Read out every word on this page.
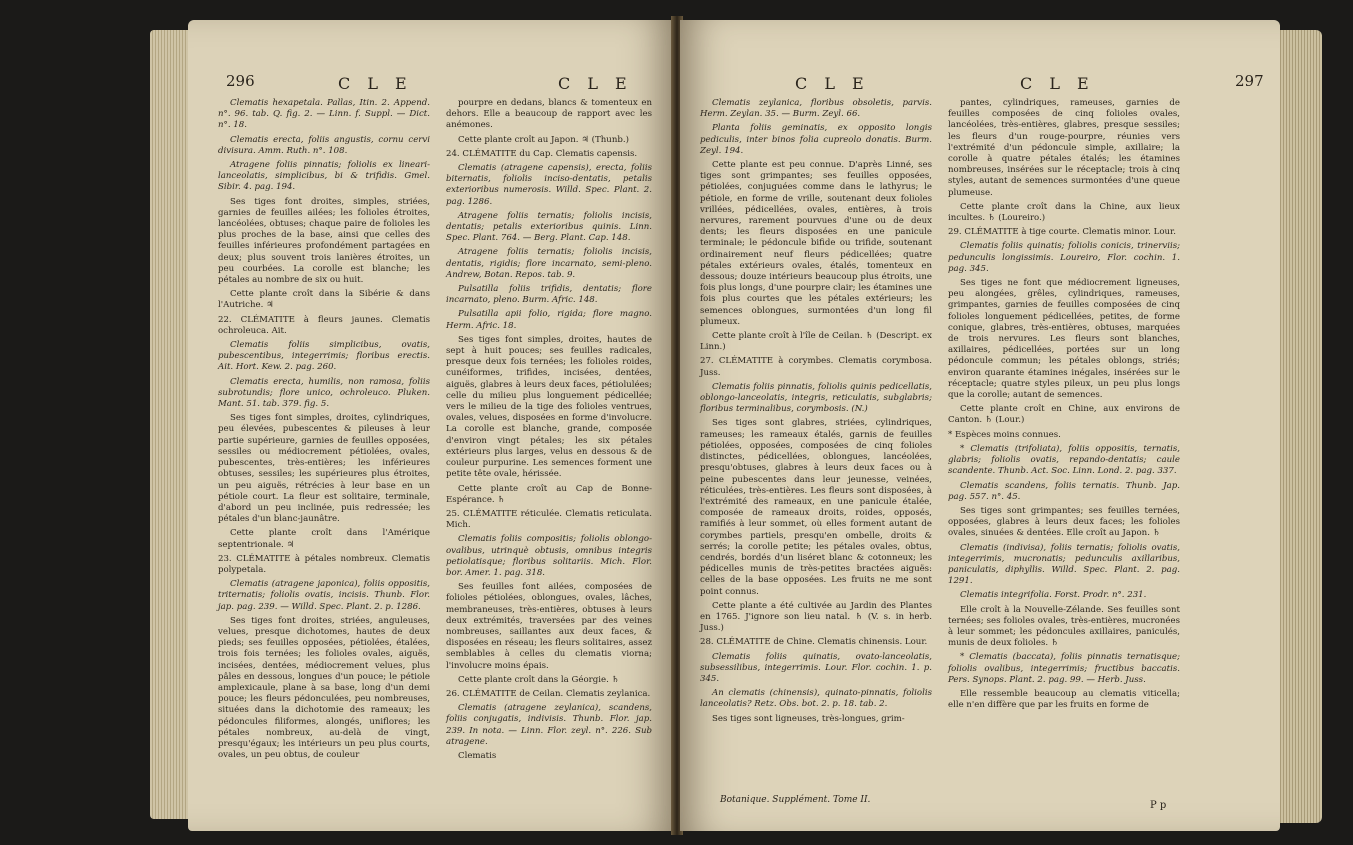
296	C L E	C L E

Clematis hexapetala. Pallas, Itin. 2. Append. n°. 96. tab. Q. fig. 2. — Linn. f. Suppl. — Dict. n°. 18.

Clematis erecta, foliis angustis, cornu cervi divisura. Amm. Ruth. n°. 108.

Atragene foliis pinnatis; foliolis ex lineari-lanceolatis, simplicibus, bi & trifidis. Gmel. Sibir. 4. pag. 194.

Ses tiges font droites, simples, striées, garnies de feuilles ailées; les folioles étroites, lancéolées, obtuses; chaque paire de folioles les plus proches de la base, ainsi que celles des feuilles inférieures profondément partagées en deux; plus souvent trois lanières étroites, un peu courbées. La corolle est blanche; les pétales au nombre de six ou huit.

Cette plante croît dans la Sibérie & dans l'Autriche. ♃

22. CLÉMATITE à fleurs jaunes. Clematis ochroleuca. Ait.

Clematis foliis simplicibus, ovatis, pubescentibus, integerrimis; floribus erectis. Ait. Hort. Kew. 2. pag. 260.

Clematis erecta, humilis, non ramosa, foliis subrotundis; flore unico, ochroleuco. Pluken. Mant. 51. tab. 379. fig. 5.

Ses tiges font simples, droites, cylindriques, peu élevées, pubescentes & pileuses à leur partie supérieure, garnies de feuilles opposées, sessiles ou médiocrement pétiolées, ovales, pubescentes, très-entières; les inférieures obtuses, sessiles; les supérieures plus étroites, un peu aiguës, rétrécies à leur base en un pétiole court. La fleur est solitaire, terminale, d'abord un peu inclinée, puis redressée; les pétales d'un blanc-jaunâtre.

Cette plante croît dans l'Amérique septentrionale. ♃

23. CLÉMATITE à pétales nombreux. Clematis polypetala.

Clematis (atragene japonica), foliis oppositis, triternatis; foliolis ovatis, incisis. Thunb. Flor. jap. pag. 239. — Willd. Spec. Plant. 2. p. 1286.

Ses tiges font droites, striées, anguleuses, velues, presque dichotomes, hautes de deux pieds; ses feuilles opposées, pétiolées, étalées, trois fois ternées; les folioles ovales, aiguës, incisées, dentées, médiocrement velues, plus pâles en dessous, longues d'un pouce; le pétiole amplexicaule, plane à sa base, long d'un demi pouce; les fleurs pédonculées, peu nombreuses, situées dans la dichotomie des rameaux; les pédoncules filiformes, alongés, uniflores; les pétales nombreux, au-delà de vingt, presqu'égaux; les intérieurs un peu plus courts, ovales, un peu obtus, de couleur

pourpre en dedans, blancs & tomenteux en dehors. Elle a beaucoup de rapport avec les anémones.

Cette plante croît au Japon. ♃ (Thunb.)

24. CLÉMATITE du Cap. Clematis capensis.

Clematis (atragene capensis), erecta, foliis biternatis, foliolis inciso-dentatis, petalis exterioribus numerosis. Willd. Spec. Plant. 2. pag. 1286.

Atragene foliis ternatis; foliolis incisis, dentatis; petalis exterioribus quinis. Linn. Spec. Plant. 764. — Berg. Plant. Cap. 148.

Atragene foliis ternatis; foliolis incisis, dentatis, rigidis; flore incarnato, semi-pleno. Andrew, Botan. Repos. tab. 9.

Pulsatilla foliis trifidis, dentatis; flore incarnato, pleno. Burm. Afric. 148.

Pulsatilla apii folio, rigida; flore magno. Herm. Afric. 18.

Ses tiges font simples, droites, hautes de sept à huit pouces; ses feuilles radicales, presque deux fois ternées; les folioles roides, cunéiformes, trifides, incisées, dentées, aiguës, glabres à leurs deux faces, pétiolulées; celle du milieu plus longuement pédicellée; vers le milieu de la tige des folioles ventrues, ovales, velues, disposées en forme d'involucre. La corolle est blanche, grande, composée d'environ vingt pétales; les six pétales extérieurs plus larges, velus en dessous & de couleur purpurine. Les semences forment une petite tête ovale, hérissée.

Cette plante croît au Cap de Bonne-Espérance. ♄

25. CLÉMATITE réticulée. Clematis reticulata. Mich.

Clematis foliis compositis; foliolis oblongo-ovalibus, utrinquè obtusis, omnibus integris petiolatisque; floribus solitariis. Mich. Flor. bor. Amer. 1. pag. 318.

Ses feuilles font ailées, composées de folioles pétiolées, oblongues, ovales, lâches, membraneuses, très-entières, obtuses à leurs deux extrémités, traversées par des veines nombreuses, saillantes aux deux faces, & disposées en réseau; les fleurs solitaires, assez semblables à celles du clematis viorna; l'involucre moins épais.

Cette plante croît dans la Géorgie. ♄

26. CLÉMATITE de Ceilan. Clematis zeylanica.

Clematis (atragene zeylanica), scandens, foliis conjugatis, indivisis. Thunb. Flor. jap. 239. In nota. — Linn. Flor. zeyl. n°. 226. Sub atragene.

Clematis

C L E	C L E	297

Clematis zeylanica, floribus obsoletis, parvis. Herm. Zeylan. 35. — Burm. Zeyl. 66.

Planta foliis geminatis, ex opposito longis pediculis, inter binos folia cupreolo donatis. Burm. Zeyl. 194.

Cette plante est peu connue. D'après Linné, ses tiges sont grimpantes; ses feuilles opposées, pétiolées, conjuguées comme dans le lathyrus; le pétiole, en forme de vrille, soutenant deux folioles vrillées, pédicellées, ovales, entières, à trois nervures, rarement pourvues d'une ou de deux dents; les fleurs disposées en une panicule terminale; le pédoncule bifide ou trifide, soutenant ordinairement neuf fleurs pédicellées; quatre pétales extérieurs ovales, étalés, tomenteux en dessous; douze intérieurs beaucoup plus étroits, une fois plus longs, d'une pourpre clair; les étamines une fois plus courtes que les pétales extérieurs; les semences oblongues, surmontées d'un long fil plumeux.

Cette plante croît à l'île de Ceilan. ♄ (Descript. ex Linn.)

27. CLÉMATITE à corymbes. Clematis corymbosa. Juss.

Clematis foliis pinnatis, foliolis quinis pedicellatis, oblongo-lanceolatis, integris, reticulatis, subglabris; floribus terminalibus, corymbosis. (N.)

Ses tiges sont glabres, striées, cylindriques, rameuses; les rameaux étalés, garnis de feuilles pétiolées, opposées, composées de cinq folioles distinctes, pédicellées, oblongues, lancéolées, presqu'obtuses, glabres à leurs deux faces ou à peine pubescentes dans leur jeunesse, veinées, réticulées, très-entières. Les fleurs sont disposées, à l'extrémité des rameaux, en une panicule étalée, composée de rameaux droits, roides, opposés, ramifiés à leur sommet, où elles forment autant de corymbes partiels, presqu'en ombelle, droits & serrés; la corolle petite; les pétales ovales, obtus, cendrés, bordés d'un liséret blanc & cotonneux; les pédicelles munis de très-petites bractées aiguës: celles de la base opposées. Les fruits ne me sont point connus.

Cette plante a été cultivée au Jardin des Plantes en 1765. J'ignore son lieu natal. ♄ (V. s. in herb. Juss.)

28. CLÉMATITE de Chine. Clematis chinensis. Lour.

Clematis foliis quinatis, ovato-lanceolatis, subsessilibus, integerrimis. Lour. Flor. cochin. 1. p. 345.

An clematis (chinensis), quinato-pinnatis, foliolis lanceolatis? Retz. Obs. bot. 2. p. 18. tab. 2.

Ses tiges sont ligneuses, très-longues, grim-

pantes, cylindriques, rameuses, garnies de feuilles composées de cinq folioles ovales, lancéolées, très-entières, glabres, presque sessiles; les fleurs d'un rouge-pourpre, réunies vers l'extrémité d'un pédoncule simple, axillaire; la corolle à quatre pétales étalés; les étamines nombreuses, insérées sur le réceptacle; trois à cinq styles, autant de semences surmontées d'une queue plumeuse.

Cette plante croît dans la Chine, aux lieux incultes. ♄ (Loureiro.)

29. CLÉMATITE à tige courte. Clematis minor. Lour.

Clematis foliis quinatis; foliolis conicis, trinerviis; pedunculis longissimis. Loureiro, Flor. cochin. 1. pag. 345.

Ses tiges ne font que médiocrement ligneuses, peu alongées, grêles, cylindriques, rameuses, grimpantes, garnies de feuilles composées de cinq folioles longuement pédicellées, petites, de forme conique, glabres, très-entières, obtuses, marquées de trois nervures. Les fleurs sont blanches, axillaires, pédicellées, portées sur un long pédoncule commun; les pétales oblongs, striés; environ quarante étamines inégales, insérées sur le réceptacle; quatre styles pileux, un peu plus longs que la corolle; autant de semences.

Cette plante croît en Chine, aux environs de Canton. ♄ (Lour.)

* Espèces moins connues.

* Clematis (trifoliata), foliis oppositis, ternatis, glabris; foliolis ovatis, repando-dentatis; caule scandente. Thunb. Act. Soc. Linn. Lond. 2. pag. 337.

Clematis scandens, foliis ternatis. Thunb. Jap. pag. 557. n°. 45.

Ses tiges sont grimpantes; ses feuilles ternées, opposées, glabres à leurs deux faces; les folioles ovales, sinuées & dentées. Elle croît au Japon. ♄

Clematis (indivisa), foliis ternatis; foliolis ovatis, integerrimis, mucronatis; pedunculis axillaribus, paniculatis, diphyllis. Willd. Spec. Plant. 2. pag. 1291.

Clematis integrifolia. Forst. Prodr. n°. 231.

Elle croît à la Nouvelle-Zélande. Ses feuilles sont ternées; ses folioles ovales, très-entières, mucronées à leur sommet; les pédoncules axillaires, paniculés, munis de deux folioles. ♄

* Clematis (baccata), foliis pinnatis ternatisque; foliolis ovalibus, integerrimis; fructibus baccatis. Pers. Synops. Plant. 2. pag. 99. — Herb. Juss.

Elle ressemble beaucoup au clematis viticella; elle n'en diffère que par les fruits en forme de

Botanique. Supplément. Tome II.	P p
